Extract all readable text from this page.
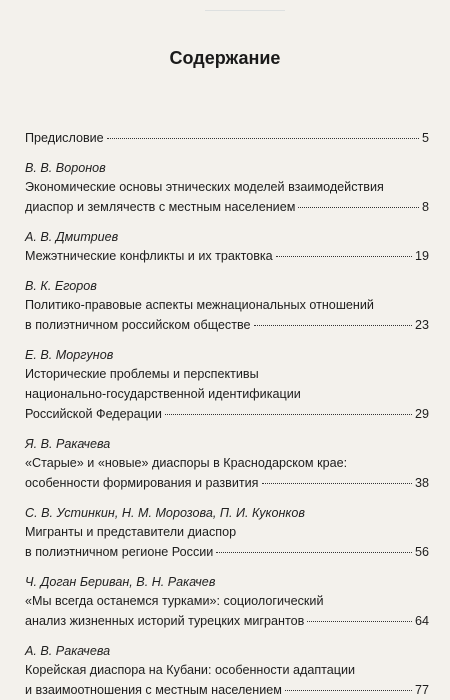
Содержание
Предисловие	5
В. В. Воронов
Экономические основы этнических моделей взаимодействия
диаспор и землячеств с местным населением	8
А. В. Дмитриев
Межэтнические конфликты и их трактовка	19
В. К. Егоров
Политико-правовые аспекты межнациональных отношений
в полиэтничном российском обществе	23
Е. В. Моргунов
Исторические проблемы и перспективы
национально-государственной идентификации
Российской Федерации	29
Я. В. Ракачева
«Старые» и «новые» диаспоры в Краснодарском крае:
особенности формирования и развития	38
С. В. Устинкин, Н. М. Морозова, П. И. Куконков
Мигранты и представители диаспор
в полиэтничном регионе России	56
Ч. Доган Бериван, В. Н. Ракачев
«Мы всегда останемся турками»: социологический
анализ жизненных историй турецких мигрантов	64
А. В. Ракачева
Корейская диаспора на Кубани: особенности адаптации
и взаимоотношения с местным населением	77
